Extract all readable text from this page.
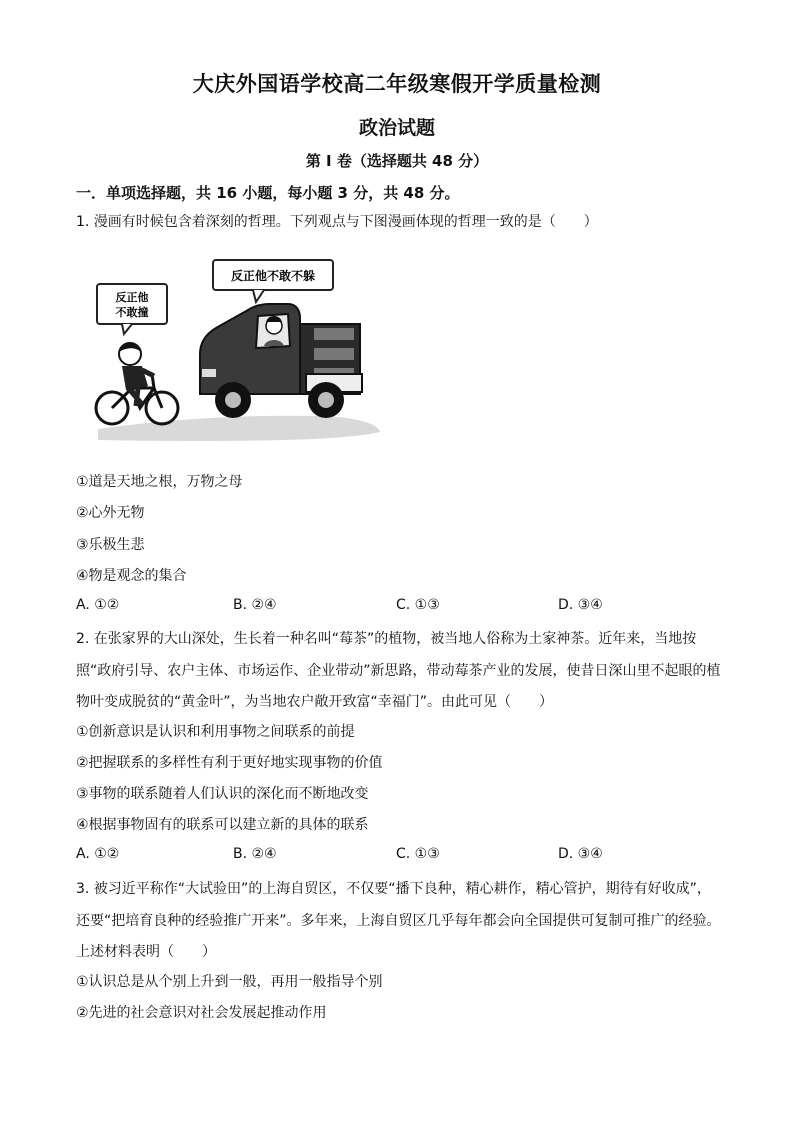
大庆外国语学校高二年级寒假开学质量检测
政治试题
第 I 卷（选择题共 48 分）
一．单项选择题，共 16 小题，每小题 3 分，共 48 分。
1. 漫画有时候包含着深刻的哲理。下列观点与下图漫画体现的哲理一致的是（　　）
反正他不敢不躲
反正他
不敢撞
①道是天地之根，万物之母
②心外无物
③乐极生悲
④物是观念的集合
A. ①②	B. ②④	C. ①③	D. ③④
2. 在张家界的大山深处，生长着一种名叫“莓茶”的植物，被当地人俗称为土家神茶。近年来，当地按照“政府引导、农户主体、市场运作、企业带动”新思路，带动莓茶产业的发展，使昔日深山里不起眼的植物叶变成脱贫的“黄金叶”，为当地农户敞开致富“幸福门”。由此可见（　　）
①创新意识是认识和利用事物之间联系的前提
②把握联系的多样性有利于更好地实现事物的价值
③事物的联系随着人们认识的深化而不断地改变
④根据事物固有的联系可以建立新的具体的联系
A. ①②	B. ②④	C. ①③	D. ③④
3. 被习近平称作“大试验田”的上海自贸区，不仅要“播下良种，精心耕作，精心管护，期待有好收成”，还要“把培育良种的经验推广开来”。多年来，上海自贸区几乎每年都会向全国提供可复制可推广的经验。上述材料表明（　　）
①认识总是从个别上升到一般，再用一般指导个别
②先进的社会意识对社会发展起推动作用
